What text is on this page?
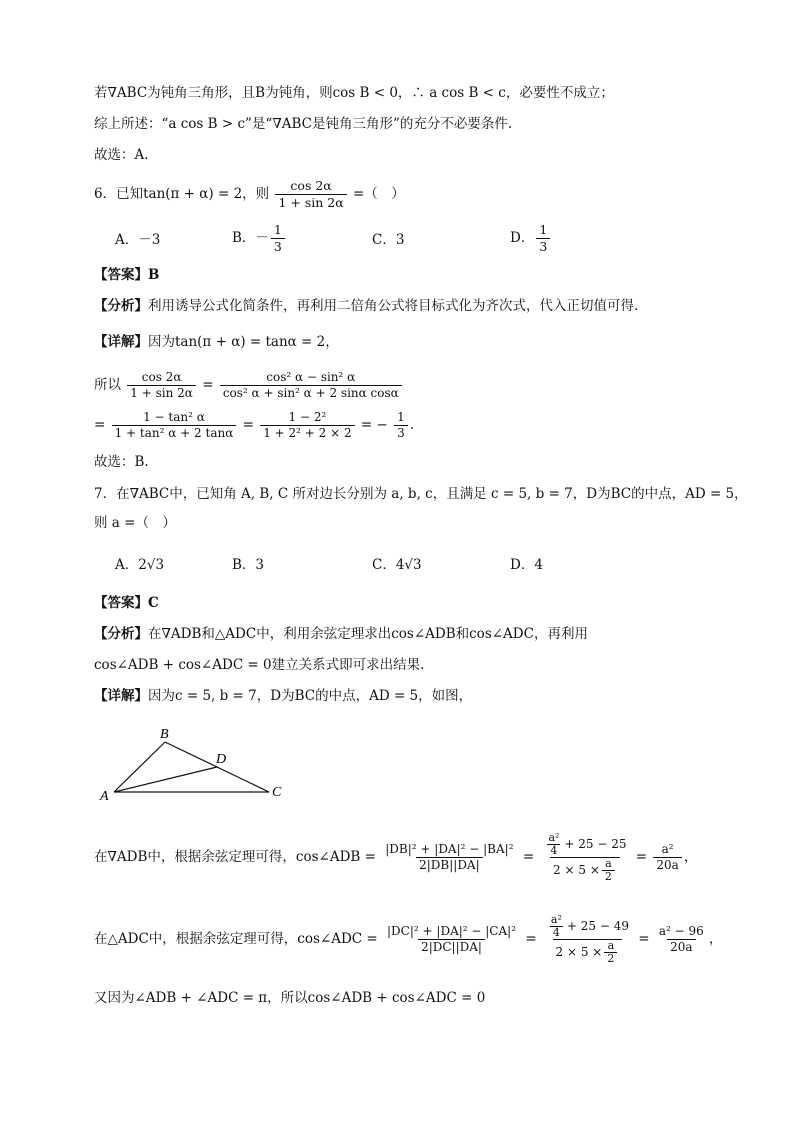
若∇ABC为钝角三角形，且B为钝角，则cos B < 0，∴ a cos B < c，必要性不成立；
综上所述：“a cos B > c”是“∇ABC是钝角三角形”的充分不必要条件.
故选：A.
6．已知tan(π + α) = 2，则 $\frac{\cos 2\alpha}{1 + \sin 2\alpha}$ =（　）
A．－3	B．－ $\frac{1}{3}$	C．3	D． $\frac{1}{3}$
【答案】B
【分析】利用诱导公式化简条件，再利用二倍角公式将目标式化为齐次式，代入正切值可得.
【详解】因为tan(π + α) = tanα = 2，
所以 $\frac{\cos 2\alpha}{1 + \sin 2\alpha} = \frac{\text{cos² α − sin² α}}{\text{cos² α + sin² α + 2 sinα cosα}}$
= $\frac{\text{1 − tan² α}}{\text{1 + tan² α + 2 tanα}} = \frac{\text{1 − 2²}}{\text{1 + 2² + 2 × 2}}$ = − $\frac{1}{3}$ .
故选：B.
7．在∇ABC中，已知角 A, B, C 所对边长分别为 a, b, c，且满足 c = 5, b = 7，D为BC的中点，AD = 5，
则 a =（　）
A．2√3	B．3	C．4√3	D．4
【答案】C
【分析】在∇ADB和△ADC中，利用余弦定理求出cos∠ADB和cos∠ADC，再利用
cos∠ADB + cos∠ADC = 0建立关系式即可求出结果.
【详解】因为c = 5, b = 7，D为BC的中点，AD = 5，如图，
A
B
C
D
在∇ADB中，根据余弦定理可得，cos∠ADB = $\frac{\text{|DB|² + |DA|² − |BA|²}}{2|DB||DA|} = \frac{\frac{\text{a²}}{4} + 25 - 25}{2 \times 5 \times \frac{a}{2}} = \frac{\text{a²}}{20a}$ ，
在△ADC中，根据余弦定理可得，cos∠ADC = $\frac{\text{|DC|² + |DA|² − |CA|²}}{2|DC||DA|} = \frac{\frac{\text{a²}}{4} + 25 - 49}{2 \times 5 \times \frac{a}{2}} = \frac{\text{a² − 96}}{20a}$ ，
又因为∠ADB + ∠ADC = π，所以cos∠ADB + cos∠ADC = 0
